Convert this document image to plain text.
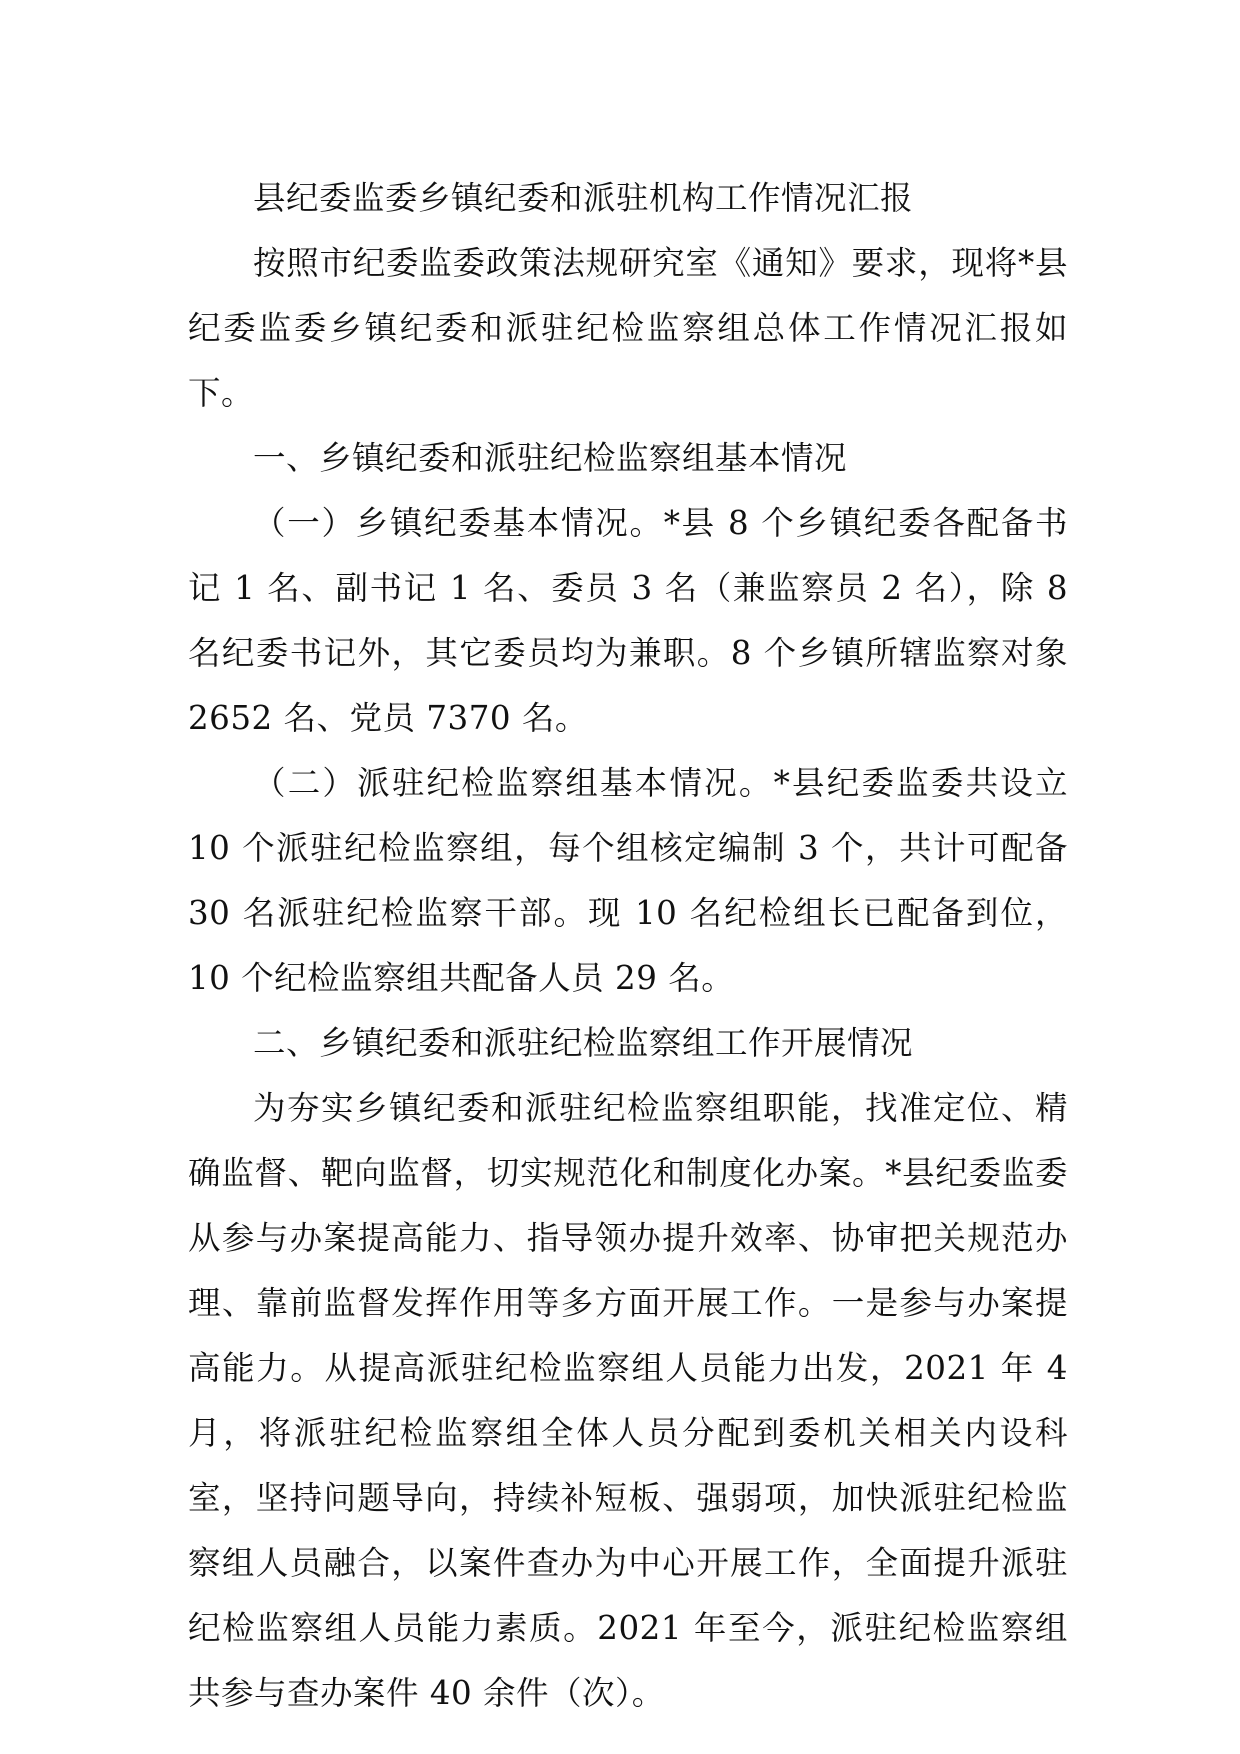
县纪委监委乡镇纪委和派驻机构工作情况汇报

按照市纪委监委政策法规研究室《通知》要求，现将*县纪委监委乡镇纪委和派驻纪检监察组总体工作情况汇报如下。

一、乡镇纪委和派驻纪检监察组基本情况

（一）乡镇纪委基本情况。*县 8 个乡镇纪委各配备书记 1 名、副书记 1 名、委员 3 名（兼监察员 2 名），除 8 名纪委书记外，其它委员均为兼职。8 个乡镇所辖监察对象 2652 名、党员 7370 名。

（二）派驻纪检监察组基本情况。*县纪委监委共设立 10 个派驻纪检监察组，每个组核定编制 3 个，共计可配备 30 名派驻纪检监察干部。现 10 名纪检组长已配备到位，10 个纪检监察组共配备人员 29 名。

二、乡镇纪委和派驻纪检监察组工作开展情况

为夯实乡镇纪委和派驻纪检监察组职能，找准定位、精确监督、靶向监督，切实规范化和制度化办案。*县纪委监委从参与办案提高能力、指导领办提升效率、协审把关规范办理、靠前监督发挥作用等多方面开展工作。一是参与办案提高能力。从提高派驻纪检监察组人员能力出发，2021 年 4 月，将派驻纪检监察组全体人员分配到委机关相关内设科室，坚持问题导向，持续补短板、强弱项，加快派驻纪检监察组人员融合，以案件查办为中心开展工作，全面提升派驻纪检监察组人员能力素质。2021 年至今，派驻纪检监察组共参与查办案件 40 余件（次）。
